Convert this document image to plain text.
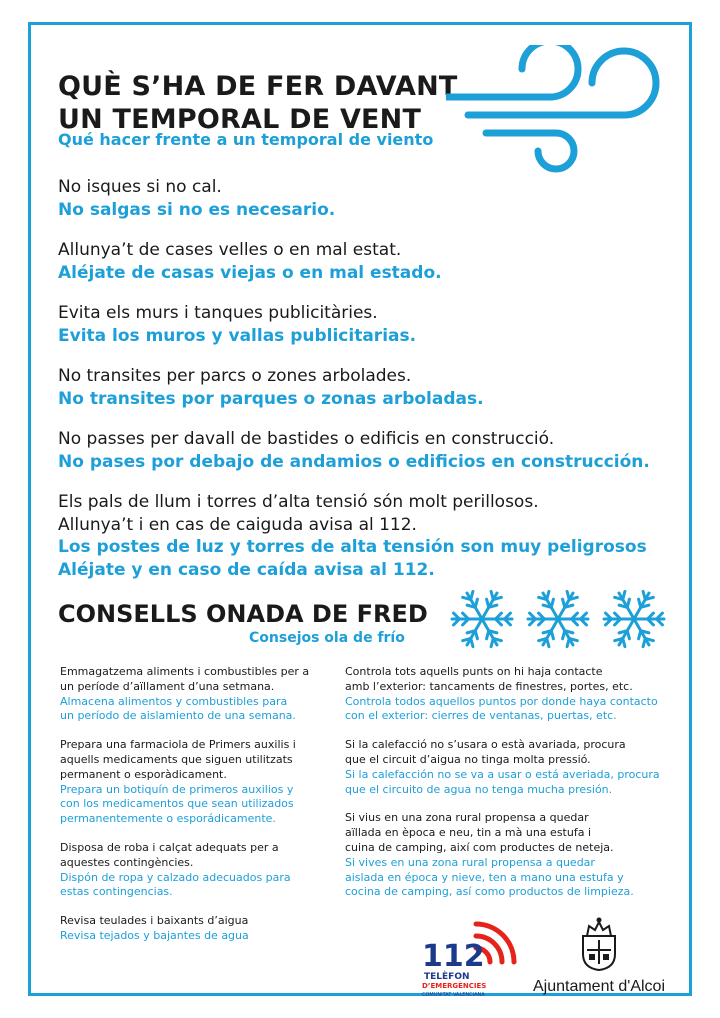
QUÈ S’HA DE FER DAVANT
UN TEMPORAL DE VENT
Qué hacer frente a un temporal de viento
No isques si no cal.
No salgas si no es necesario.
Allunya’t de cases velles o en mal estat.
Aléjate de casas viejas o en mal estado.
Evita els murs i tanques publicitàries.
Evita los muros y vallas publicitarias.
No transites per parcs o zones arbolades.
No transites por parques o zonas arboladas.
No passes per davall de bastides o edificis en construcció.
No pases por debajo de andamios o edificios en construcción.
Els pals de llum i torres d’alta tensió són molt perillosos.
Allunya’t i en cas de caiguda avisa al 112.
Los postes de luz y torres de alta tensión son muy peligrosos
Aléjate y en caso de caída avisa al 112.
CONSELLS ONADA DE FRED
Consejos ola de frío
Emmagatzema aliments i combustibles per a
un període d’aïllament d’una setmana.
Almacena alimentos y combustibles para
un período de aislamiento de una semana.
Prepara una farmaciola de Primers auxilis i
aquells medicaments que siguen utilitzats
permanent o esporàdicament.
Prepara un botiquín de primeros auxilios y
con los medicamentos que sean utilizados
permanentemente o esporádicamente.
Disposa de roba i calçat adequats per a
aquestes contingències.
Dispón de ropa y calzado adecuados para
estas contingencias.
Revisa teulades i baixants d’aigua
Revisa tejados y bajantes de agua
Controla tots aquells punts on hi haja contacte
amb l’exterior: tancaments de finestres, portes, etc.
Controla todos aquellos puntos por donde haya contacto
con el exterior: cierres de ventanas, puertas, etc.
Si la calefacció no s’usara o està avariada, procura
que el circuit d’aigua no tinga molta pressió.
Si la calefacción no se va a usar o está averiada, procura
que el circuito de agua no tenga mucha presión.
Si vius en una zona rural propensa a quedar
aïllada en època e neu, tin a mà una estufa i
cuina de camping, així com productes de neteja.
Si vives en una zona rural propensa a quedar
aislada en época y nieve, ten a mano una estufa y
cocina de camping, así como productos de limpieza.
112
TELÈFON
D’EMERGÈNCIES
COMUNITAT VALENCIANA	Ajuntament d'Alcoi
